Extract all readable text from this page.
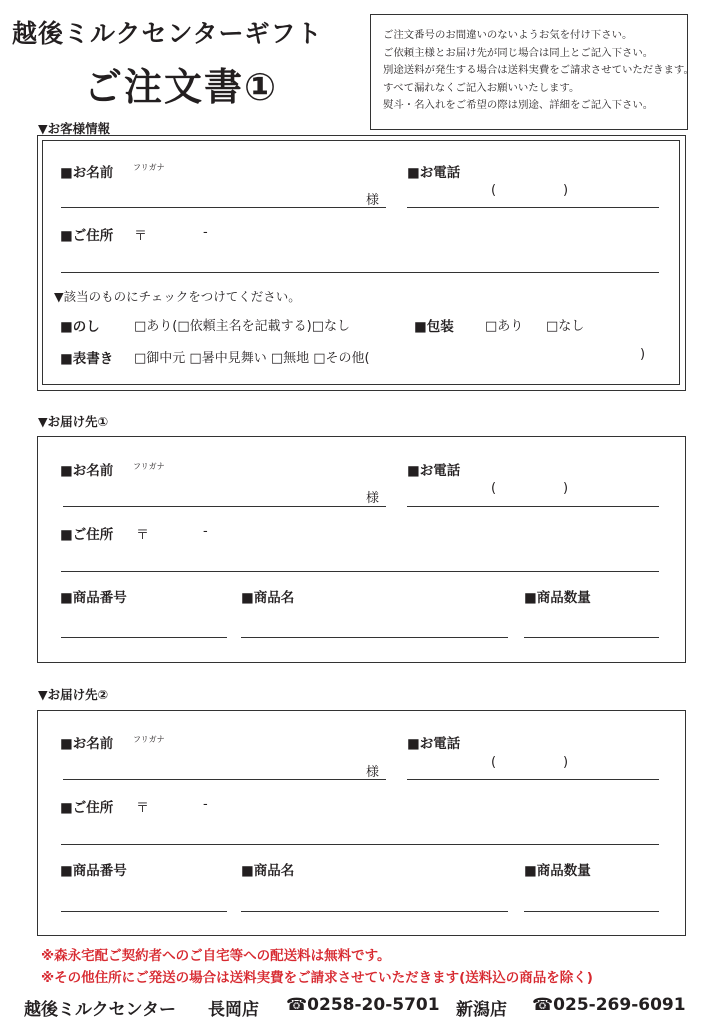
越後ミルクセンターギフト
ご注文書①
ご注文番号のお間違いのないようお気を付け下さい。
ご依頼主様とお届け先が同じ場合は同上とご記入下さい。
別途送料が発生する場合は送料実費をご請求させていただきます。
すべて漏れなくご記入お願いいたします。
熨斗・名入れをご希望の際は別途、詳細をご記入下さい。
▼お客様情報
■お名前 フリガナ
様
■お電話
(	)
■ご住所 〒	-
▼該当のものにチェックをつけてください。
■のし	□あり(□依頼主名を記載する)□なし	■包装 □あり □なし
■表書き □御中元 □暑中見舞い □無地 □その他(	)
▼お届け先①
■お名前 フリガナ
様
■お電話
(	)
■ご住所 〒	-
■商品番号	■商品名	■商品数量
▼お届け先②
■お名前 フリガナ
様
■お電話
(	)
■ご住所 〒	-
■商品番号	■商品名	■商品数量
※森永宅配ご契約者へのご自宅等への配送料は無料です。
※その他住所にご発送の場合は送料実費をご請求させていただきます(送料込の商品を除く)
越後ミルクセンター 長岡店 ☎0258-20-5701 新潟店 ☎025-269-6091
